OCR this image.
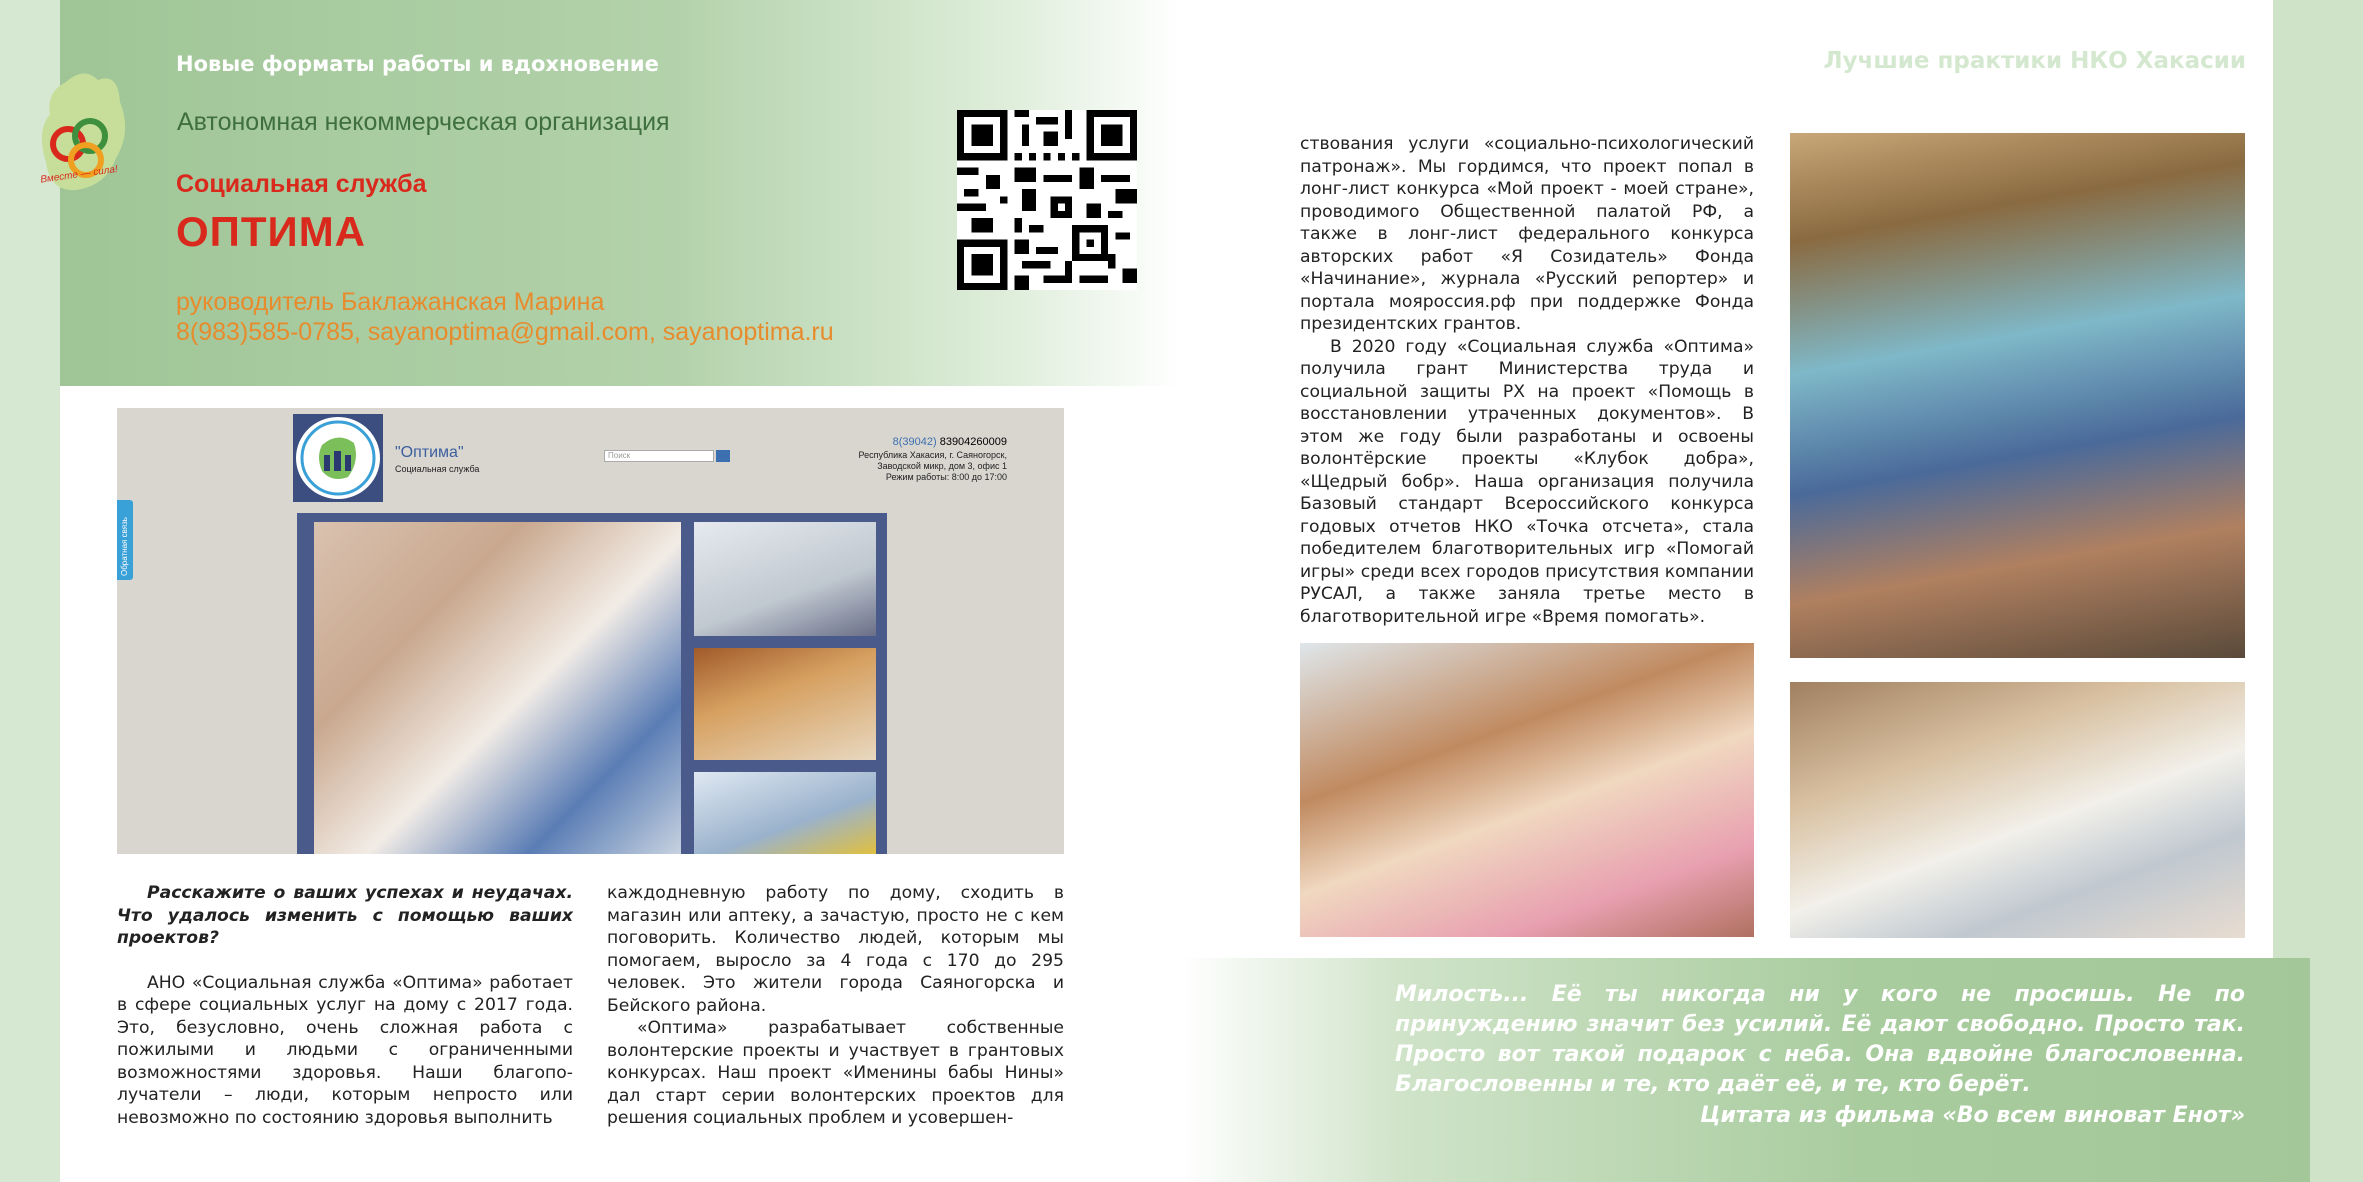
Вместе — сила!
Новые форматы работы и вдохновение
Автономная некоммерческая организация
Социальная служба
ОПТИМА
руководитель Баклажанская Марина
8(983)585-0785, sayanoptima@gmail.com, sayanoptima.ru
Лучшие практики НКО Хакасии
Обратная связь
"Оптима"
Социальная служба
Поиск
8(39042) 83904260009
Республика Хакасия, г. Саяногорск,
Заводской микр, дом 3, офис 1
Режим работы: 8:00 до 17:00

Расскажите о ваших успехах и неудачах. Что удалось изменить с помощью ваших проектов?

АНО «Социальная служба «Оптима» работает в сфере социальных услуг на дому с 2017 года. Это, безусловно, очень сложная работа с пожилыми и людьми с ограниченными возможностями здоровья. Наши благопо-лучатели – люди, которым непросто или невозможно по состоянию здоровья выполнить

каждодневную работу по дому, сходить в магазин или аптеку, а зачастую, просто не с кем поговорить. Количество людей, которым мы помогаем, выросло за 4 года с 170 до 295 человек. Это жители города Саяногорска и Бейского района.

«Оптима» разрабатывает собственные волонтерские проекты и участвует в грантовых конкурсах. Наш проект «Именины бабы Нины» дал старт серии волонтерских проектов для решения социальных проблем и усовершен-

ствования услуги «социально-психологический патронаж». Мы гордимся, что проект попал в лонг-лист конкурса «Мой проект - моей стране», проводимого Общественной палатой РФ, а также в лонг-лист федерального конкурса авторских работ «Я Созидатель» Фонда «Начинание», журнала «Русский репортер» и портала мояроссия.рф при поддержке Фонда президентских грантов.

В 2020 году «Социальная служба «Оптима» получила грант Министерства труда и социальной защиты РХ на проект «Помощь в восстановлении утраченных документов». В этом же году были разработаны и освоены волонтёрские проекты «Клубок добра», «Щедрый бобр». Наша организация получила Базовый стандарт Всероссийского конкурса годовых отчетов НКО «Точка отсчета», стала победителем благотворительных игр «Помогай игры» среди всех городов присутствия компании РУСАЛ, а также заняла третье место в благотворительной игре «Время помогать».

Милость... Её ты никогда ни у кого не просишь. Не по принуждению значит без усилий. Её дают свободно. Просто так. Просто вот такой подарок с неба. Она вдвойне благословенна. Благословенны и те, кто даёт её, и те, кто берёт.
Цитата из фильма «Во всем виноват Енот»
